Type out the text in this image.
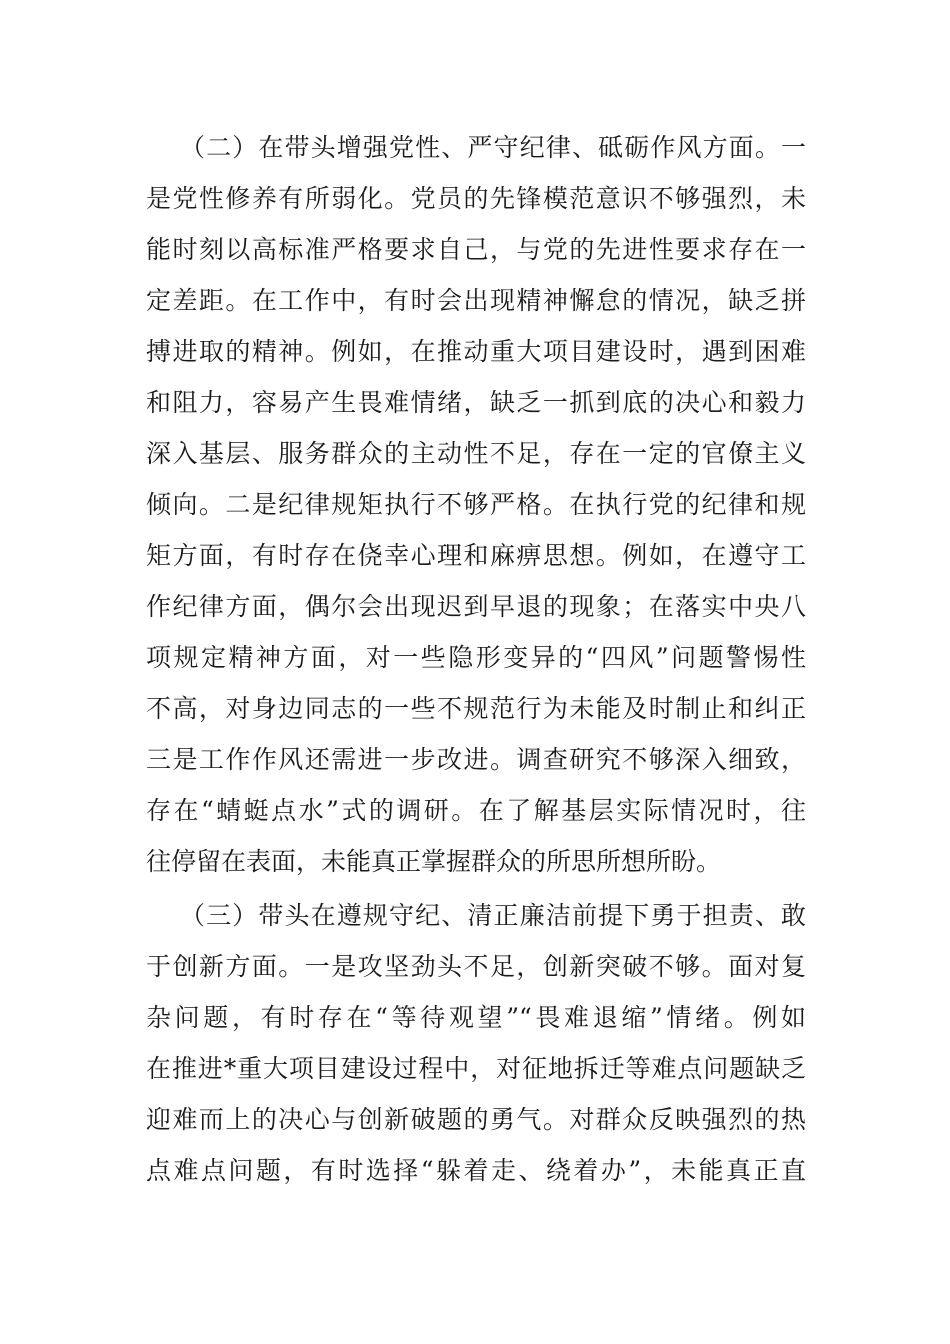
（二）在带头增强党性、严守纪律、砥砺作风方面。一
是党性修养有所弱化。党员的先锋模范意识不够强烈，未
能时刻以高标准严格要求自己，与党的先进性要求存在一
定差距。在工作中，有时会出现精神懈怠的情况，缺乏拼
搏进取的精神。例如，在推动重大项目建设时，遇到困难
和阻力，容易产生畏难情绪，缺乏一抓到底的决心和毅力
深入基层、服务群众的主动性不足，存在一定的官僚主义
倾向。二是纪律规矩执行不够严格。在执行党的纪律和规
矩方面，有时存在侥幸心理和麻痹思想。例如，在遵守工
作纪律方面，偶尔会出现迟到早退的现象；在落实中央八
项规定精神方面，对一些隐形变异的“四风”问题警惕性
不高，对身边同志的一些不规范行为未能及时制止和纠正
三是工作作风还需进一步改进。调查研究不够深入细致，
存在“蜻蜓点水”式的调研。在了解基层实际情况时，往
往停留在表面，未能真正掌握群众的所思所想所盼。
（三）带头在遵规守纪、清正廉洁前提下勇于担责、敢
于创新方面。一是攻坚劲头不足，创新突破不够。面对复
杂问题，有时存在“等待观望”“畏难退缩”情绪。例如
在推进*重大项目建设过程中，对征地拆迁等难点问题缺乏
迎难而上的决心与创新破题的勇气。对群众反映强烈的热
点难点问题，有时选择“躲着走、绕着办”，未能真正直
